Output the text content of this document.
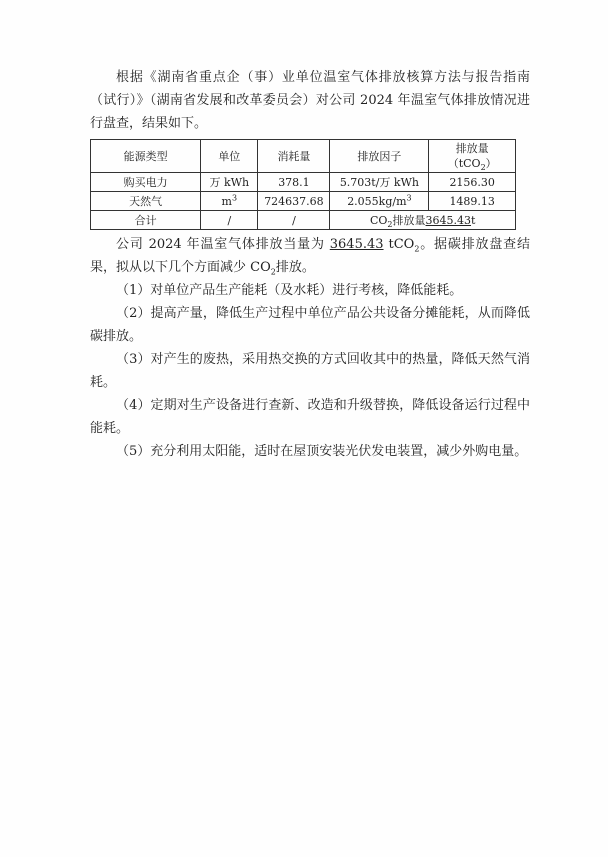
根据《湖南省重点企（事）业单位温室气体排放核算方法与报告指南（试行）》（湖南省发展和改革委员会）对公司 2024 年温室气体排放情况进行盘查，结果如下。

能源类型	单位	消耗量	排放因子	排放量（tCO$_2$）
购买电力	万 kWh	378.1	5.703t/万 kWh	2156.30
天然气	$m^3$	724637.68	$2.055kg/m^3$	1489.13
合计	/	/	$CO_2$排放量3645.43t	

公司 2024 年温室气体排放当量为 3645.43 tCO$_2$。据碳排放盘查结果，拟从以下几个方面减少 $CO_2$排放。

（1）对单位产品生产能耗（及水耗）进行考核，降低能耗。

（2）提高产量，降低生产过程中单位产品公共设备分摊能耗，从而降低碳排放。

（3）对产生的废热，采用热交换的方式回收其中的热量，降低天然气消耗。

（4）定期对生产设备进行查新、改造和升级替换，降低设备运行过程中能耗。

（5）充分利用太阳能，适时在屋顶安装光伏发电装置，减少外购电量。
